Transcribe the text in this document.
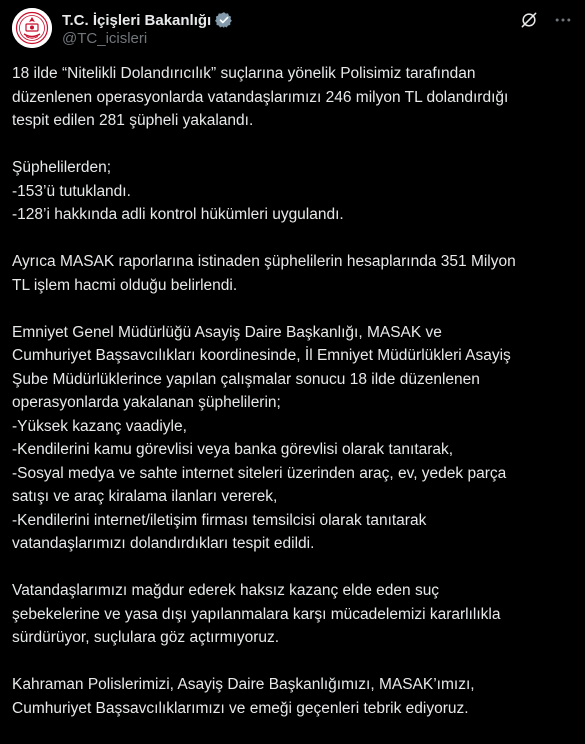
T.C. İçişleri Bakanlığı
@TC_icisleri
18 ilde “Nitelikli Dolandırıcılık” suçlarına yönelik Polisimiz tarafından
düzenlenen operasyonlarda vatandaşlarımızı 246 milyon TL dolandırdığı
tespit edilen 281 şüpheli yakalandı.
Şüphelilerden;
-153’ü tutuklandı.
-128’i hakkında adli kontrol hükümleri uygulandı.
Ayrıca MASAK raporlarına istinaden şüphelilerin hesaplarında 351 Milyon
TL işlem hacmi olduğu belirlendi.
Emniyet Genel Müdürlüğü Asayiş Daire Başkanlığı, MASAK ve
Cumhuriyet Başsavcılıkları koordinesinde, İl Emniyet Müdürlükleri Asayiş
Şube Müdürlüklerince yapılan çalışmalar sonucu 18 ilde düzenlenen
operasyonlarda yakalanan şüphelilerin;
-Yüksek kazanç vaadiyle,
-Kendilerini kamu görevlisi veya banka görevlisi olarak tanıtarak,
-Sosyal medya ve sahte internet siteleri üzerinden araç, ev, yedek parça
satışı ve araç kiralama ilanları vererek,
-Kendilerini internet/iletişim firması temsilcisi olarak tanıtarak
vatandaşlarımızı dolandırdıkları tespit edildi.
Vatandaşlarımızı mağdur ederek haksız kazanç elde eden suç
şebekelerine ve yasa dışı yapılanmalara karşı mücadelemizi kararlılıkla
sürdürüyor, suçlulara göz açtırmıyoruz.
Kahraman Polislerimizi, Asayiş Daire Başkanlığımızı, MASAK’ımızı,
Cumhuriyet Başsavcılıklarımızı ve emeği geçenleri tebrik ediyoruz.
